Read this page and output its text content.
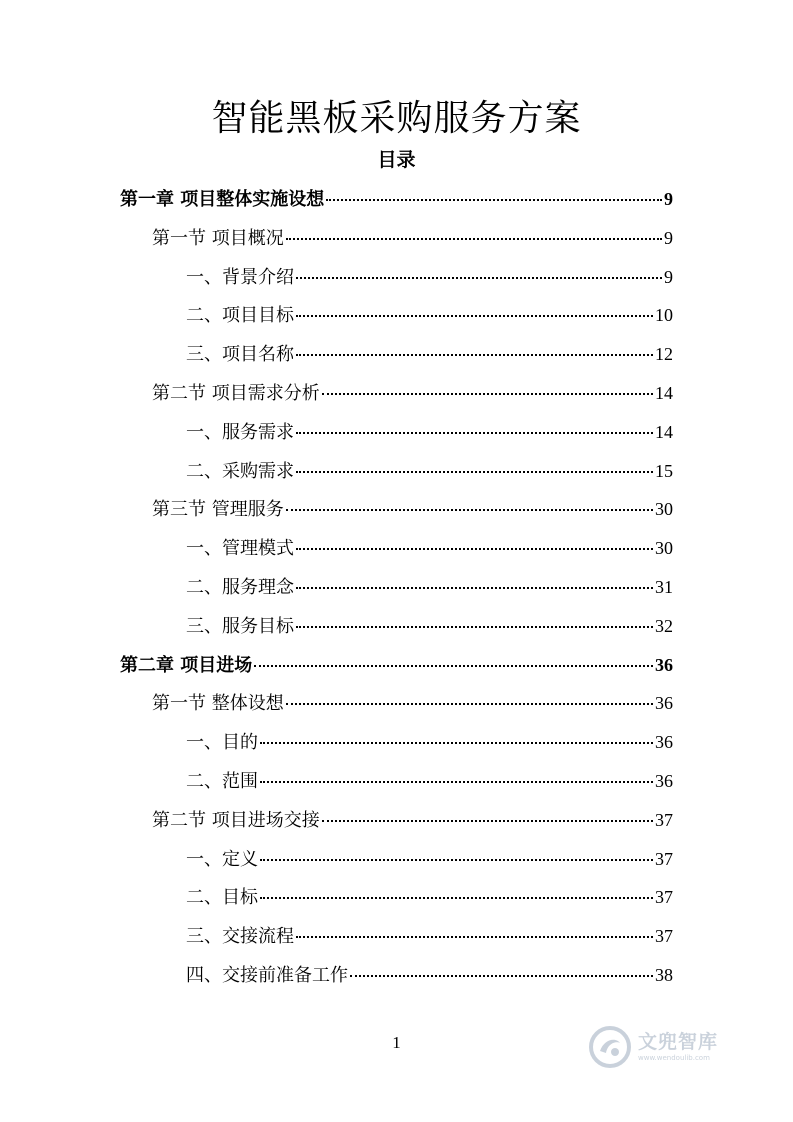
智能黑板采购服务方案
目录
第一章 项目整体实施设想	9
第一节 项目概况	9
一、背景介绍	9
二、项目目标	10
三、项目名称	12
第二节 项目需求分析	14
一、服务需求	14
二、采购需求	15
第三节 管理服务	30
一、管理模式	30
二、服务理念	31
三、服务目标	32
第二章 项目进场	36
第一节 整体设想	36
一、目的	36
二、范围	36
第二节 项目进场交接	37
一、定义	37
二、目标	37
三、交接流程	37
四、交接前准备工作	38
1	文兜智库
www.wendoulib.com
